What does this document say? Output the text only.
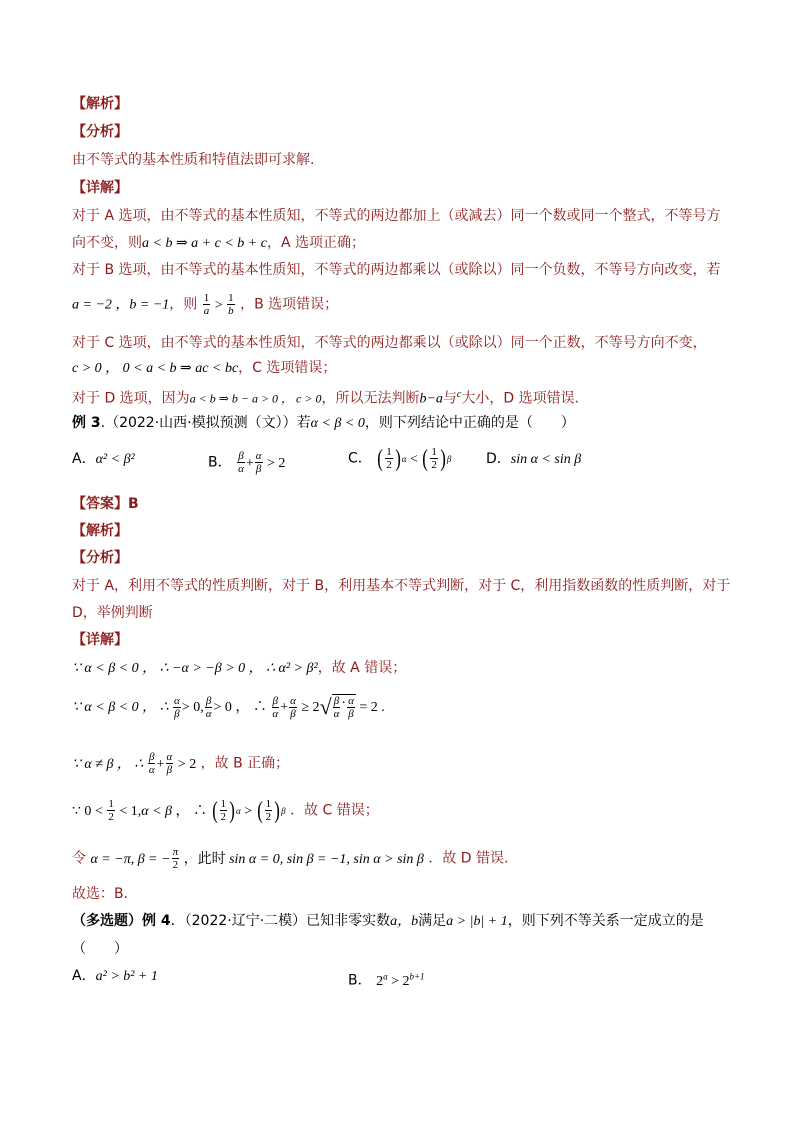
【解析】
【分析】
由不等式的基本性质和特值法即可求解.
【详解】
对于 A 选项，由不等式的基本性质知，不等式的两边都加上（或减去）同一个数或同一个整式，不等号方
向不变，则a < b ⇒ a + c < b + c，A 选项正确；
对于 B 选项，由不等式的基本性质知，不等式的两边都乘以（或除以）同一个负数，不等号方向改变，若
a = −2 ，b = −1，则 $\frac{1}{a} > \frac{1}{b}$ ，B 选项错误；
对于 C 选项，由不等式的基本性质知，不等式的两边都乘以（或除以）同一个正数，不等号方向不变，
c > 0 ， 0 < a < b ⇒ ac < bc，C 选项错误；
对于 D 选项，因为a < b ⇒ b − a > 0 ， c > 0，所以无法判断b−a与$^c$大小，D 选项错误.
例 3.（2022·山西·模拟预测（文））若α < β < 0，则下列结论中正确的是（　　）
A．α² < β²	B． $\frac{\beta}{\alpha} + \frac{\alpha}{\beta} > 2$	C． ( $\frac{1}{2}$ ) α < ( $\frac{1}{2}$ ) β D．sin α < sin β
【答案】B
【解析】
【分析】
对于 A，利用不等式的性质判断，对于 B，利用基本不等式判断，对于 C，利用指数函数的性质判断，对于
D，举例判断
【详解】
∵ α < β < 0 ， ∴ −α > −β > 0 ， ∴ α² > β²，故 A 错误；
∵ α < β < 0 ， ∴ $\frac{\alpha}{\beta} > 0$, $\frac{\beta}{\alpha} > 0$ ， ∴ $\frac{\beta}{\alpha} + \frac{\alpha}{\beta} \ge 2$ √ $\frac{\beta}{\alpha} \cdot \frac{\alpha}{\beta} = 2$ .
∵ α ≠ β ， ∴ $\frac{\beta}{\alpha} + \frac{\alpha}{\beta} > 2$ ，故 B 正确；
∵ $0 < \frac{1}{2} < 1,\alpha < \beta$ ， ∴ ( $\frac{1}{2}$ ) α > ( $\frac{1}{2}$ ) β ．故 C 错误；
令 α = −π, β = − $\frac{\pi}{2}$ ，此时 sin α = 0, sin β = −1, sin α > sin β ．故 D 错误.
故选：B．
（多选题）例 4．（2022·辽宁·二模）已知非零实数a，b满足a > |b| + 1，则下列不等关系一定成立的是
（　　）
A．a² > b² + 1	B． $2^a > 2^{b+1}$
